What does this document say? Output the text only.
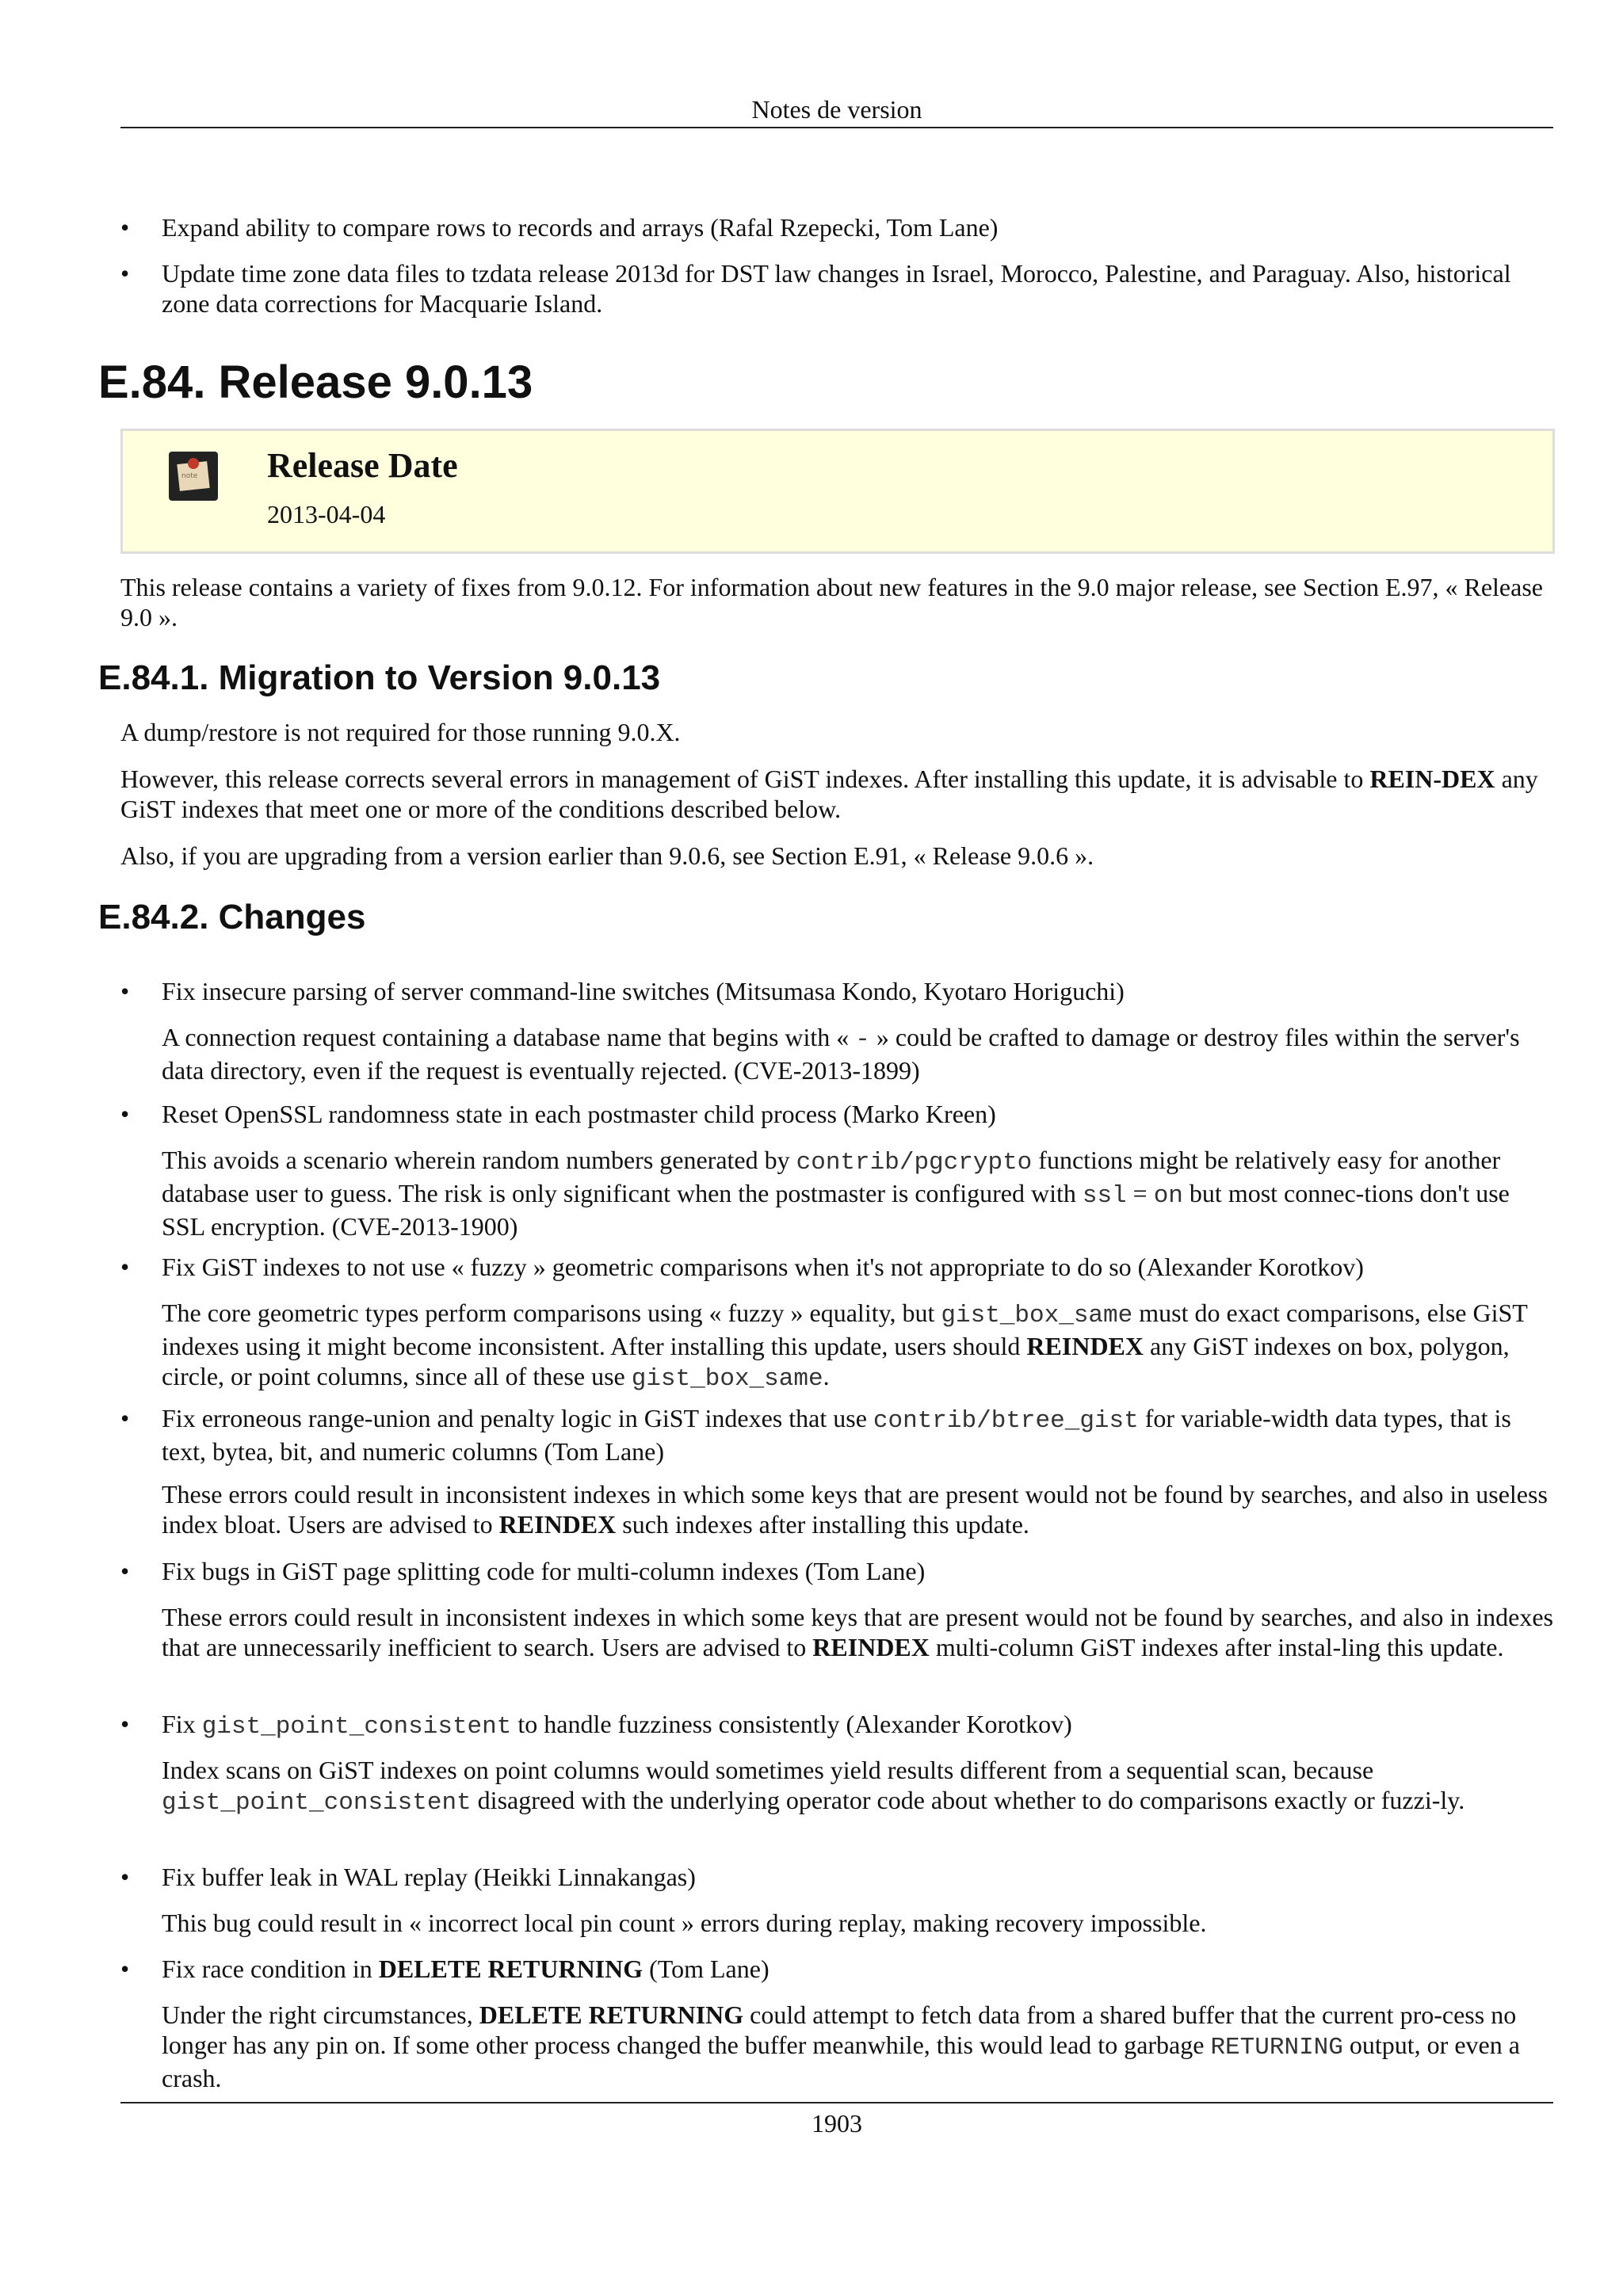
Notes de version
•	Expand ability to compare rows to records and arrays (Rafal Rzepecki, Tom Lane)
•	Update time zone data files to tzdata release 2013d for DST law changes in Israel, Morocco, Palestine, and Paraguay. Also, historical zone data corrections for Macquarie Island.
E.84. Release 9.0.13
note Release Date
2013-04-04
This release contains a variety of fixes from 9.0.12. For information about new features in the 9.0 major release, see Section E.97, « Release 9.0 ».
E.84.1. Migration to Version 9.0.13
A dump/restore is not required for those running 9.0.X.
However, this release corrects several errors in management of GiST indexes. After installing this update, it is advisable to REIN-DEX any GiST indexes that meet one or more of the conditions described below.
Also, if you are upgrading from a version earlier than 9.0.6, see Section E.91, « Release 9.0.6 ».
E.84.2. Changes
•	Fix insecure parsing of server command-line switches (Mitsumasa Kondo, Kyotaro Horiguchi)
A connection request containing a database name that begins with « - » could be crafted to damage or destroy files within the server's data directory, even if the request is eventually rejected. (CVE-2013-1899)
•	Reset OpenSSL randomness state in each postmaster child process (Marko Kreen)
This avoids a scenario wherein random numbers generated by contrib/pgcrypto functions might be relatively easy for another database user to guess. The risk is only significant when the postmaster is configured with ssl = on but most connec-tions don't use SSL encryption. (CVE-2013-1900)
•	Fix GiST indexes to not use « fuzzy » geometric comparisons when it's not appropriate to do so (Alexander Korotkov)
The core geometric types perform comparisons using « fuzzy » equality, but gist_box_same must do exact comparisons, else GiST indexes using it might become inconsistent. After installing this update, users should REINDEX any GiST indexes on box, polygon, circle, or point columns, since all of these use gist_box_same.
•	Fix erroneous range-union and penalty logic in GiST indexes that use contrib/btree_gist for variable-width data types, that is text, bytea, bit, and numeric columns (Tom Lane)
These errors could result in inconsistent indexes in which some keys that are present would not be found by searches, and also in useless index bloat. Users are advised to REINDEX such indexes after installing this update.
•	Fix bugs in GiST page splitting code for multi-column indexes (Tom Lane)
These errors could result in inconsistent indexes in which some keys that are present would not be found by searches, and also in indexes that are unnecessarily inefficient to search. Users are advised to REINDEX multi-column GiST indexes after instal-ling this update.
•	Fix gist_point_consistent to handle fuzziness consistently (Alexander Korotkov)
Index scans on GiST indexes on point columns would sometimes yield results different from a sequential scan, because gist_point_consistent disagreed with the underlying operator code about whether to do comparisons exactly or fuzzi-ly.
•	Fix buffer leak in WAL replay (Heikki Linnakangas)
This bug could result in « incorrect local pin count » errors during replay, making recovery impossible.
•	Fix race condition in DELETE RETURNING (Tom Lane)
Under the right circumstances, DELETE RETURNING could attempt to fetch data from a shared buffer that the current pro-cess no longer has any pin on. If some other process changed the buffer meanwhile, this would lead to garbage RETURNING output, or even a crash.
1903
